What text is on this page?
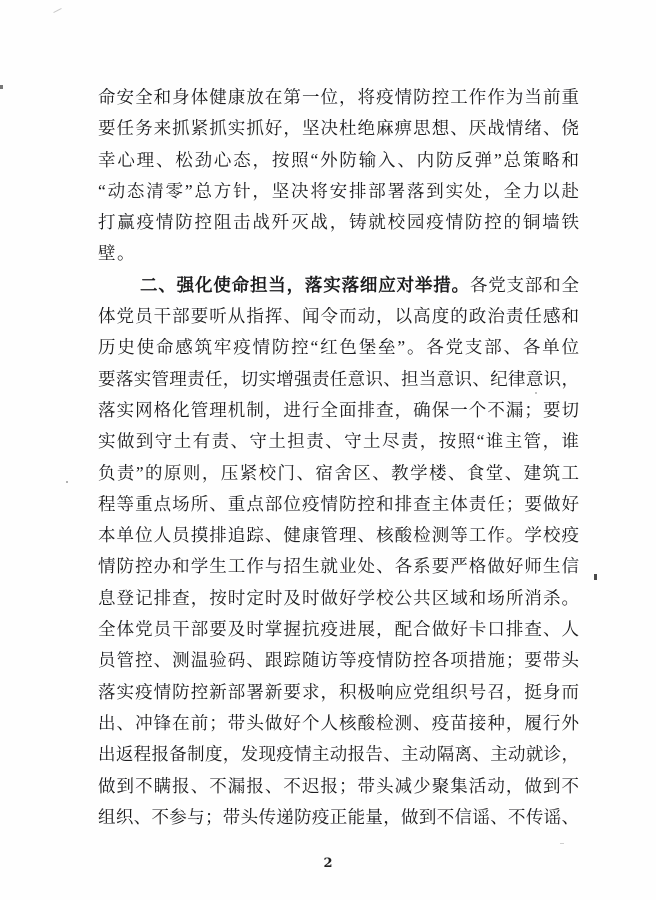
命安全和身体健康放在第一位，将疫情防控工作作为当前重
要任务来抓紧抓实抓好，坚决杜绝麻痹思想、厌战情绪、侥
幸心理、松劲心态，按照“外防输入、内防反弹”总策略和
“动态清零”总方针，坚决将安排部署落到实处，全力以赴
打赢疫情防控阻击战歼灭战，铸就校园疫情防控的铜墙铁
壁。
二、强化使命担当，落实落细应对举措。各党支部和全
体党员干部要听从指挥、闻令而动，以高度的政治责任感和
历史使命感筑牢疫情防控“红色堡垒”。各党支部、各单位
要落实管理责任，切实增强责任意识、担当意识、纪律意识，
落实网格化管理机制，进行全面排查，确保一个不漏；要切
实做到守土有责、守土担责、守土尽责，按照“谁主管，谁
负责”的原则，压紧校门、宿舍区、教学楼、食堂、建筑工
程等重点场所、重点部位疫情防控和排查主体责任；要做好
本单位人员摸排追踪、健康管理、核酸检测等工作。学校疫
情防控办和学生工作与招生就业处、各系要严格做好师生信
息登记排查，按时定时及时做好学校公共区域和场所消杀。
全体党员干部要及时掌握抗疫进展，配合做好卡口排查、人
员管控、测温验码、跟踪随访等疫情防控各项措施；要带头
落实疫情防控新部署新要求，积极响应党组织号召，挺身而
出、冲锋在前；带头做好个人核酸检测、疫苗接种，履行外
出返程报备制度，发现疫情主动报告、主动隔离、主动就诊，
做到不瞒报、不漏报、不迟报；带头减少聚集活动，做到不
组织、不参与；带头传递防疫正能量，做到不信谣、不传谣、
2
